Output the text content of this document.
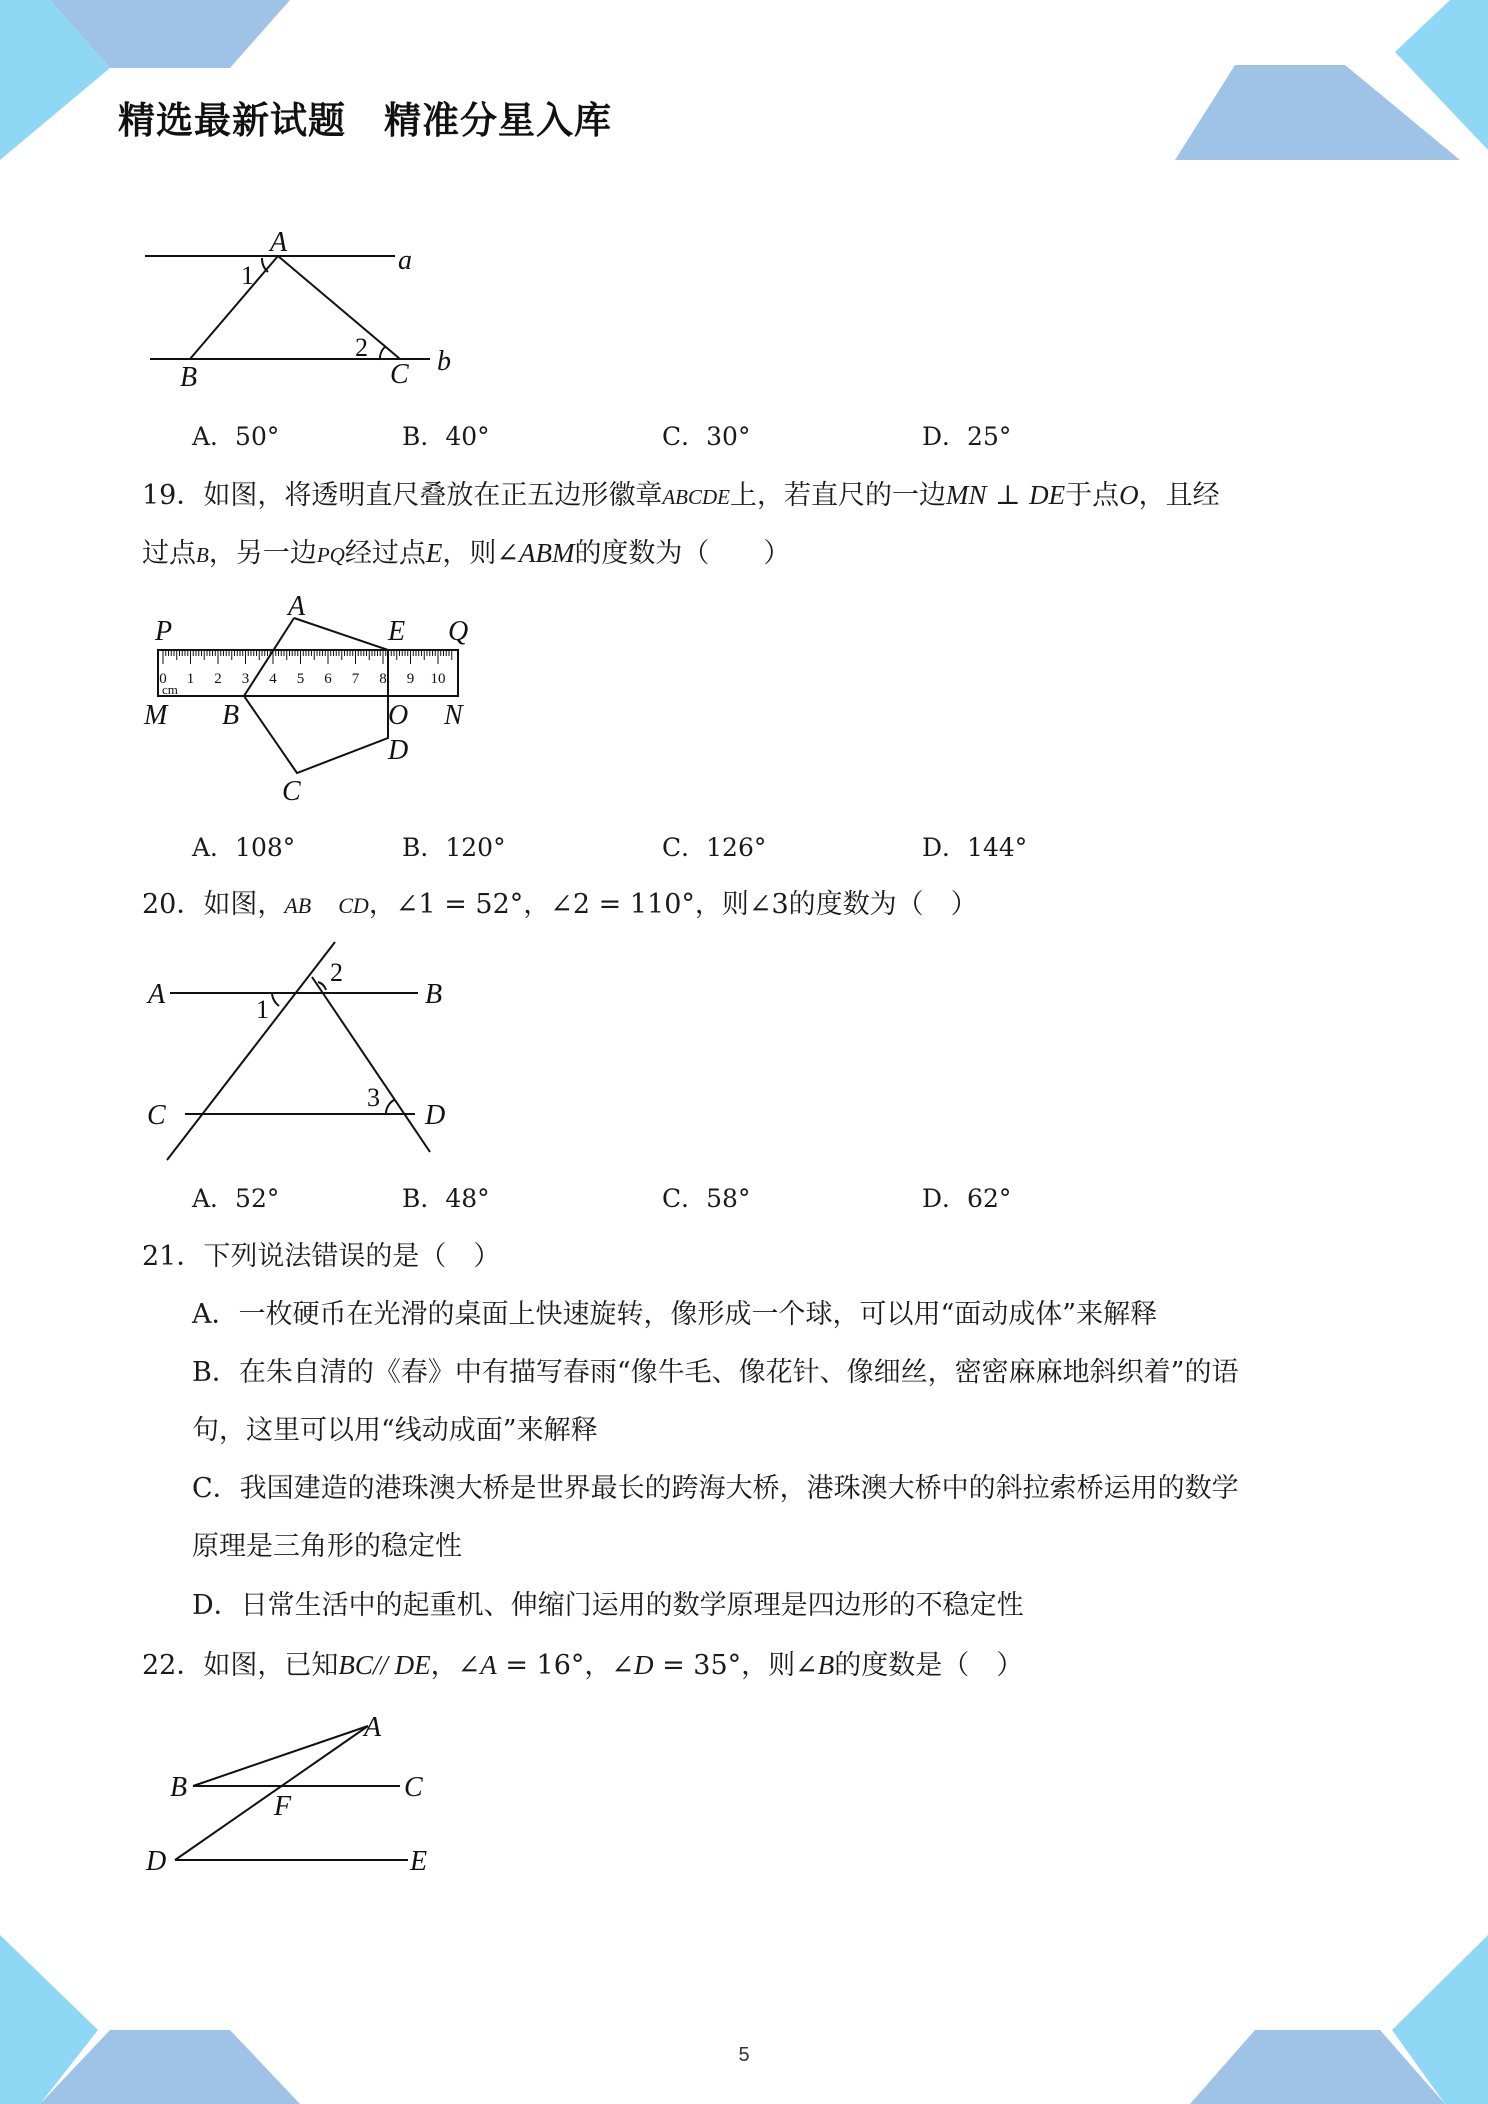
精选最新试题　精准分星入库
A
a
1
2
B	C b
A．50°	B．40°	C．30°	D．25°
19．如图，将透明直尺叠放在正五边形徽章ABCDE上，若直尺的一边MN ⊥ DE于点O，且经
过点B，另一边PQ经过点E，则∠ABM的度数为（　　）
0 1 2 3 4 5 6 7 8 9 10
cm
P
A
E Q
M B	O N
D
C
A．108°	B．120°	C．126°	D．144°
20．如图，AB　 CD，∠1 = 52°，∠2 = 110°，则∠3的度数为（　）
2
A	B
1
3
C	D
A．52°	B．48°	C．58°	D．62°
21．下列说法错误的是（　）
A．一枚硬币在光滑的桌面上快速旋转，像形成一个球，可以用“面动成体”来解释
B．在朱自清的《春》中有描写春雨“像牛毛、像花针、像细丝，密密麻麻地斜织着”的语
句，这里可以用“线动成面”来解释
C．我国建造的港珠澳大桥是世界最长的跨海大桥，港珠澳大桥中的斜拉索桥运用的数学
原理是三角形的稳定性
D．日常生活中的起重机、伸缩门运用的数学原理是四边形的不稳定性
22．如图，已知BC// DE，∠A = 16°，∠D = 35°，则∠B的度数是（　）
A
B	C
F
D	E
5
